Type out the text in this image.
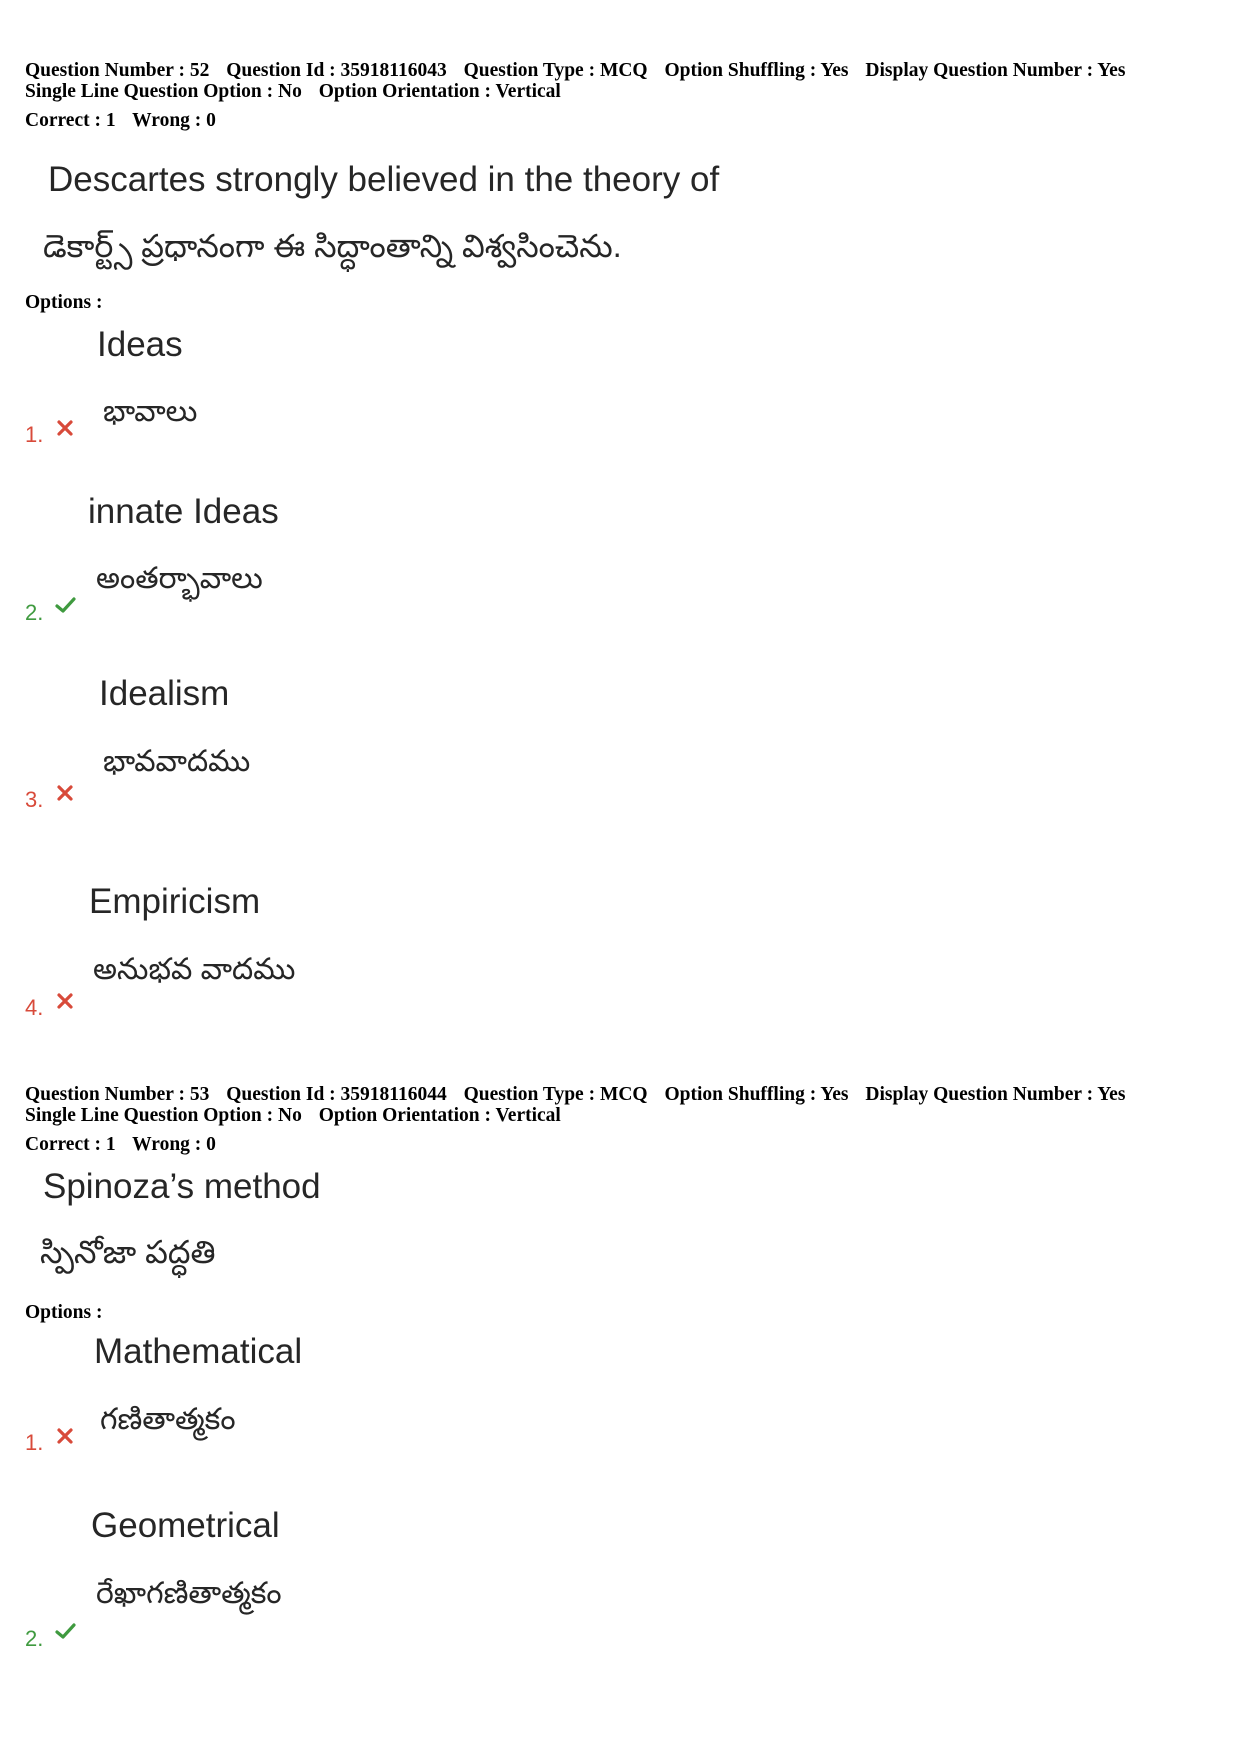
Question Number : 52 Question Id : 35918116043 Question Type : MCQ Option Shuffling : Yes Display Question Number : Yes
Single Line Question Option : No Option Orientation : Vertical
Correct : 1 Wrong : 0
Descartes strongly believed in the theory of
డెకార్ట్స్ ప్రధానంగా ఈ సిద్ధాంతాన్ని విశ్వసించెను.
Options :
Ideas
భావాలు
1.
innate Ideas
అంతర్భావాలు
2.
Idealism
భావవాదము
3.
Empiricism
అనుభవ వాదము
4.
Question Number : 53 Question Id : 35918116044 Question Type : MCQ Option Shuffling : Yes Display Question Number : Yes
Single Line Question Option : No Option Orientation : Vertical
Correct : 1 Wrong : 0
Spinoza’s method
స్పినోజా పద్ధతి
Options :
Mathematical
గణితాత్మకం
1.
Geometrical
రేఖాగణితాత్మకం
2.
